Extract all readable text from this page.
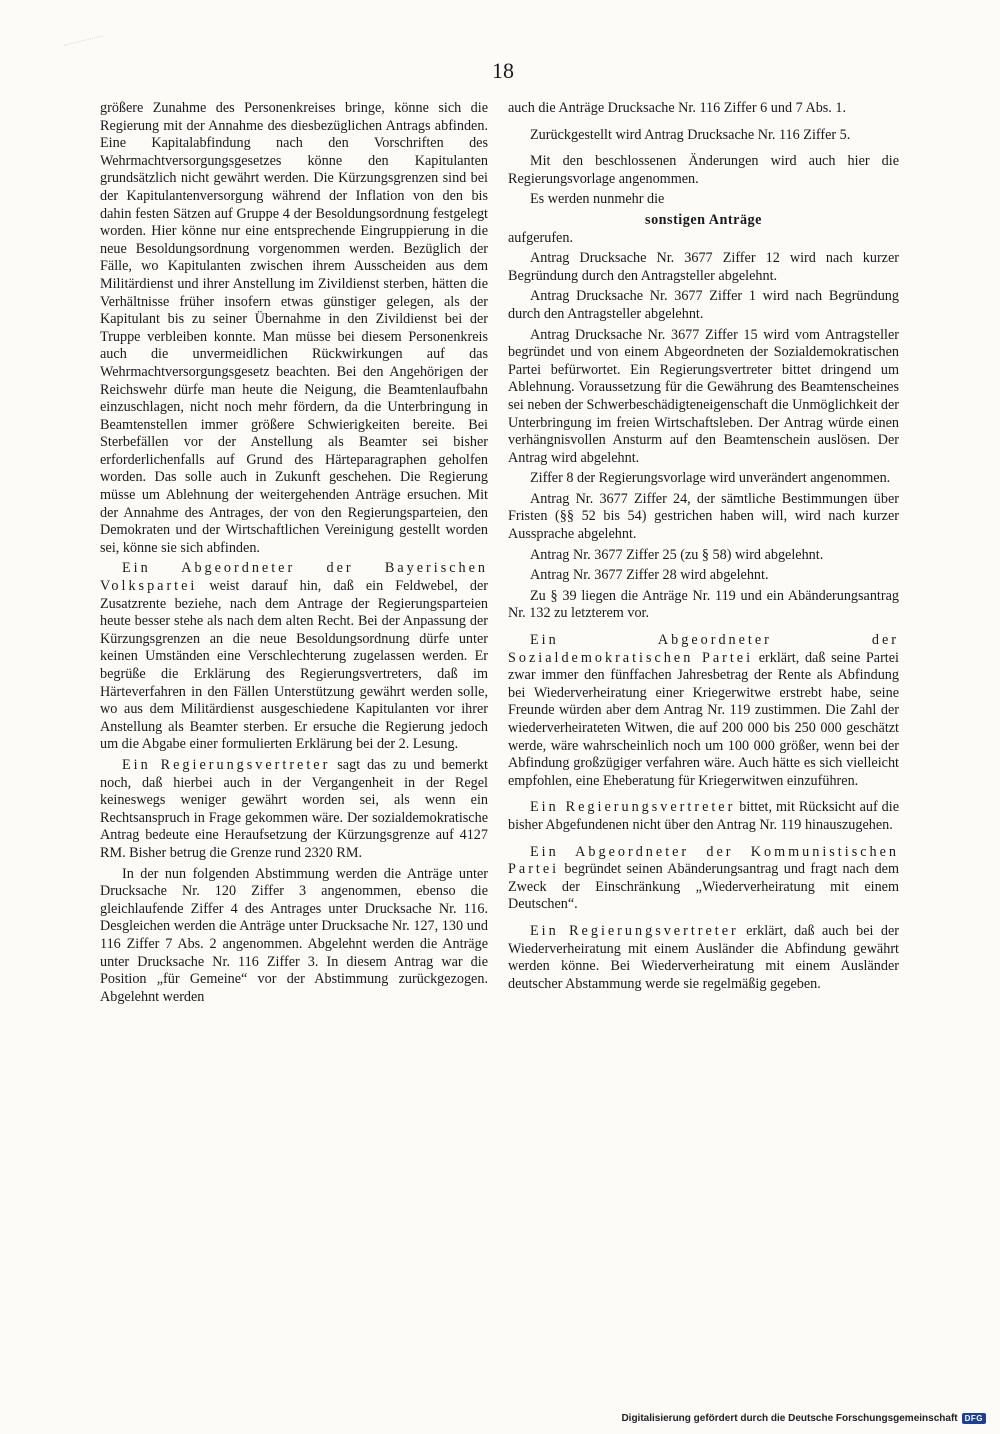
18

größere Zunahme des Personenkreises bringe, könne sich die Regierung mit der Annahme des diesbezüglichen Antrags abfinden. Eine Kapitalabfindung nach den Vorschriften des Wehrmachtversorgungsgesetzes könne den Kapitulanten grundsätzlich nicht gewährt werden. Die Kürzungsgrenzen sind bei der Kapitulantenversorgung während der Inflation von den bis dahin festen Sätzen auf Gruppe 4 der Besoldungsordnung festgelegt worden. Hier könne nur eine entsprechende Eingruppierung in die neue Besoldungsordnung vorgenommen werden. Bezüglich der Fälle, wo Kapitulanten zwischen ihrem Ausscheiden aus dem Militärdienst und ihrer Anstellung im Zivildienst sterben, hätten die Verhältnisse früher insofern etwas günstiger gelegen, als der Kapitulant bis zu seiner Übernahme in den Zivildienst bei der Truppe verbleiben konnte. Man müsse bei diesem Personenkreis auch die unvermeidlichen Rückwirkungen auf das Wehrmachtversorgungsgesetz beachten. Bei den Angehörigen der Reichswehr dürfe man heute die Neigung, die Beamtenlaufbahn einzuschlagen, nicht noch mehr fördern, da die Unterbringung in Beamtenstellen immer größere Schwierigkeiten bereite. Bei Sterbefällen vor der Anstellung als Beamter sei bisher erforderlichenfalls auf Grund des Härteparagraphen geholfen worden. Das solle auch in Zukunft geschehen. Die Regierung müsse um Ablehnung der weitergehenden Anträge ersuchen. Mit der Annahme des Antrages, der von den Regierungsparteien, den Demokraten und der Wirtschaftlichen Vereinigung gestellt worden sei, könne sie sich abfinden.

Ein Abgeordneter der Bayerischen Volkspartei weist darauf hin, daß ein Feldwebel, der Zusatzrente beziehe, nach dem Antrage der Regierungsparteien heute besser stehe als nach dem alten Recht. Bei der Anpassung der Kürzungsgrenzen an die neue Besoldungsordnung dürfe unter keinen Umständen eine Verschlechterung zugelassen werden. Er begrüße die Erklärung des Regierungsvertreters, daß im Härteverfahren in den Fällen Unterstützung gewährt werden solle, wo aus dem Militärdienst ausgeschiedene Kapitulanten vor ihrer Anstellung als Beamter sterben. Er ersuche die Regierung jedoch um die Abgabe einer formulierten Erklärung bei der 2. Lesung.

Ein Regierungsvertreter sagt das zu und bemerkt noch, daß hierbei auch in der Vergangenheit in der Regel keineswegs weniger gewährt worden sei, als wenn ein Rechtsanspruch in Frage gekommen wäre. Der sozialdemokratische Antrag bedeute eine Heraufsetzung der Kürzungsgrenze auf 4127 RM. Bisher betrug die Grenze rund 2320 RM.

In der nun folgenden Abstimmung werden die Anträge unter Drucksache Nr. 120 Ziffer 3 angenommen, ebenso die gleichlaufende Ziffer 4 des Antrages unter Drucksache Nr. 116. Desgleichen werden die Anträge unter Drucksache Nr. 127, 130 und 116 Ziffer 7 Abs. 2 angenommen. Abgelehnt werden die Anträge unter Drucksache Nr. 116 Ziffer 3. In diesem Antrag war die Position „für Gemeine“ vor der Abstimmung zurückgezogen. Abgelehnt werden

auch die Anträge Drucksache Nr. 116 Ziffer 6 und 7 Abs. 1.

Zurückgestellt wird Antrag Drucksache Nr. 116 Ziffer 5.

Mit den beschlossenen Änderungen wird auch hier die Regierungsvorlage angenommen.

Es werden nunmehr die

sonstigen Anträge

aufgerufen.

Antrag Drucksache Nr. 3677 Ziffer 12 wird nach kurzer Begründung durch den Antragsteller abgelehnt.

Antrag Drucksache Nr. 3677 Ziffer 1 wird nach Begründung durch den Antragsteller abgelehnt.

Antrag Drucksache Nr. 3677 Ziffer 15 wird vom Antragsteller begründet und von einem Abgeordneten der Sozialdemokratischen Partei befürwortet. Ein Regierungsvertreter bittet dringend um Ablehnung. Voraussetzung für die Gewährung des Beamtenscheines sei neben der Schwerbeschädigteneigenschaft die Unmöglichkeit der Unterbringung im freien Wirtschaftsleben. Der Antrag würde einen verhängnisvollen Ansturm auf den Beamtenschein auslösen. Der Antrag wird abgelehnt.

Ziffer 8 der Regierungsvorlage wird unverändert angenommen.

Antrag Nr. 3677 Ziffer 24, der sämtliche Bestimmungen über Fristen (§§ 52 bis 54) gestrichen haben will, wird nach kurzer Aussprache abgelehnt.

Antrag Nr. 3677 Ziffer 25 (zu § 58) wird abgelehnt.

Antrag Nr. 3677 Ziffer 28 wird abgelehnt.

Zu § 39 liegen die Anträge Nr. 119 und ein Abänderungsantrag Nr. 132 zu letzterem vor.

Ein Abgeordneter der Sozialdemokratischen Partei erklärt, daß seine Partei zwar immer den fünffachen Jahresbetrag der Rente als Abfindung bei Wiederverheiratung einer Kriegerwitwe erstrebt habe, seine Freunde würden aber dem Antrag Nr. 119 zustimmen. Die Zahl der wiederverheirateten Witwen, die auf 200 000 bis 250 000 geschätzt werde, wäre wahrscheinlich noch um 100 000 größer, wenn bei der Abfindung großzügiger verfahren wäre. Auch hätte es sich vielleicht empfohlen, eine Eheberatung für Kriegerwitwen einzuführen.

Ein Regierungsvertreter bittet, mit Rücksicht auf die bisher Abgefundenen nicht über den Antrag Nr. 119 hinauszugehen.

Ein Abgeordneter der Kommunistischen Partei begründet seinen Abänderungsantrag und fragt nach dem Zweck der Einschränkung „Wiederverheiratung mit einem Deutschen“.

Ein Regierungsvertreter erklärt, daß auch bei der Wiederverheiratung mit einem Ausländer die Abfindung gewährt werden könne. Bei Wiederverheiratung mit einem Ausländer deutscher Abstammung werde sie regelmäßig gegeben.

Digitalisierung gefördert durch die Deutsche Forschungsgemeinschaft DFG
